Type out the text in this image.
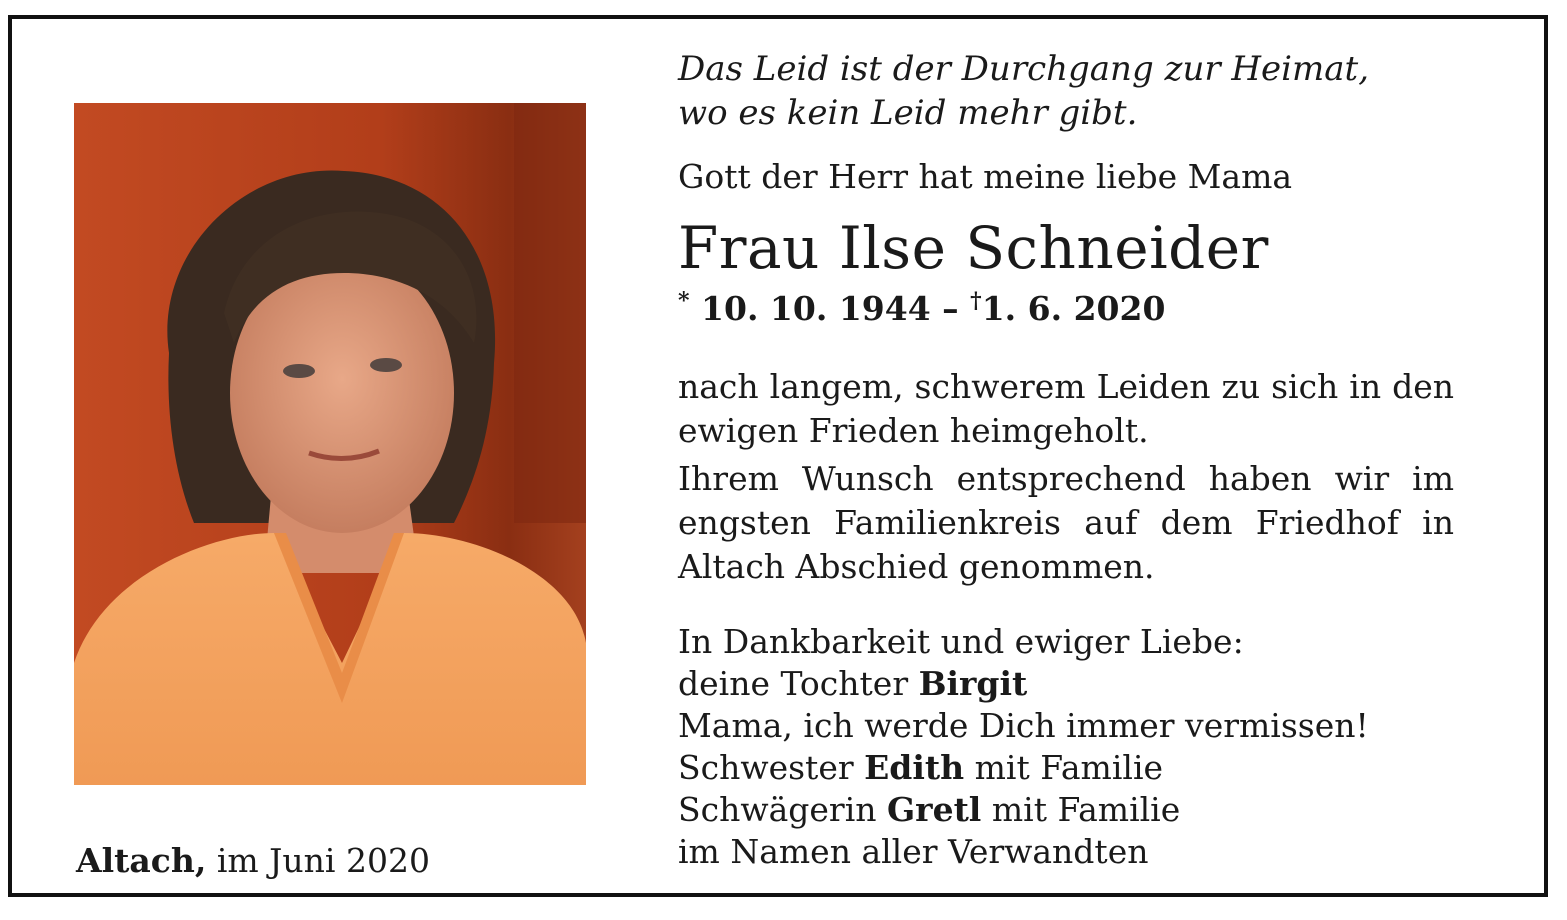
Altach, im Juni 2020

Das Leid ist der Durchgang zur Heimat,
wo es kein Leid mehr gibt.

Gott der Herr hat meine liebe Mama

Frau Ilse Schneider

* 10. 10. 1944 – †1. 6. 2020

nach langem, schwerem Leiden zu sich in den ewigen Frieden heimgeholt.

Ihrem Wunsch entsprechend haben wir im engsten Familienkreis auf dem Friedhof in Altach Abschied genommen.

In Dankbarkeit und ewiger Liebe:
deine Tochter Birgit
Mama, ich werde Dich immer vermissen!
Schwester Edith mit Familie
Schwägerin Gretl mit Familie
im Namen aller Verwandten
